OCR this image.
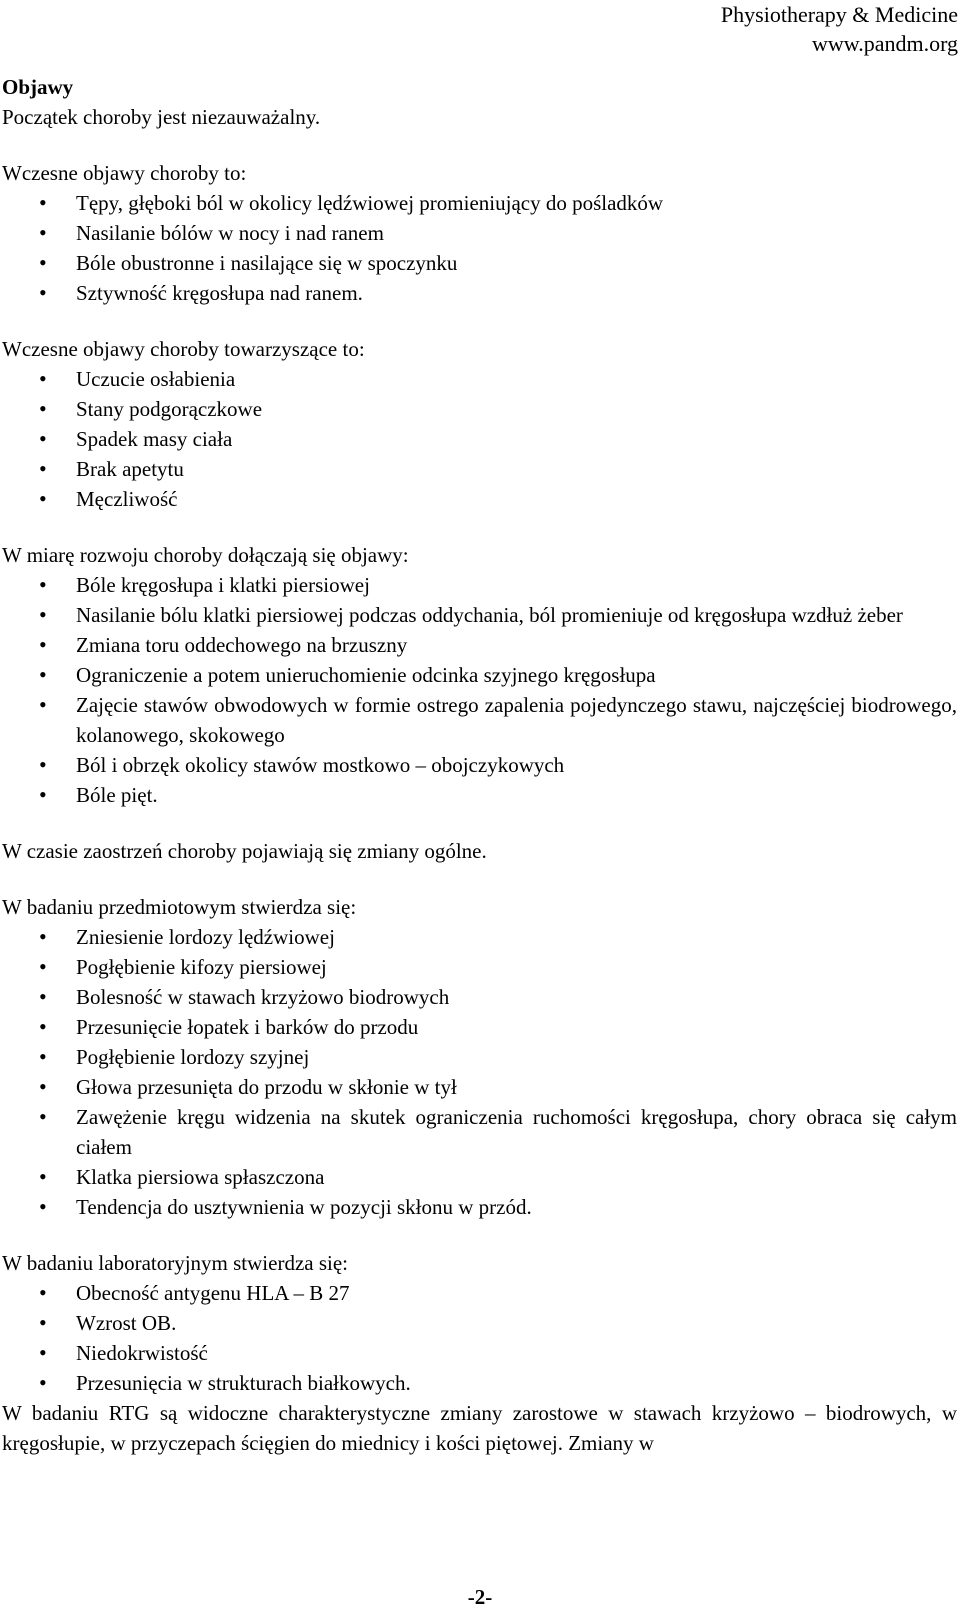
Physiotherapy & Medicine
www.pandm.org

Objawy

Początek choroby jest niezauważalny.

Wczesne objawy choroby to:

• Tępy, głęboki ból w okolicy lędźwiowej promieniujący do pośladków
• Nasilanie bólów w nocy i nad ranem
• Bóle obustronne i nasilające się w spoczynku
• Sztywność kręgosłupa nad ranem.

Wczesne objawy choroby towarzyszące to:

• Uczucie osłabienia
• Stany podgorączkowe
• Spadek masy ciała
• Brak apetytu
• Męczliwość

W miarę rozwoju choroby dołączają się objawy:

• Bóle kręgosłupa i klatki piersiowej
• Nasilanie bólu klatki piersiowej podczas oddychania, ból promieniuje od kręgosłupa wzdłuż żeber
• Zmiana toru oddechowego na brzuszny
• Ograniczenie a potem unieruchomienie odcinka szyjnego kręgosłupa
• Zajęcie stawów obwodowych w formie ostrego zapalenia pojedynczego stawu, najczęściej biodrowego, kolanowego, skokowego
• Ból i obrzęk okolicy stawów mostkowo – obojczykowych
• Bóle pięt.

W czasie zaostrzeń choroby pojawiają się zmiany ogólne.

W badaniu przedmiotowym stwierdza się:

• Zniesienie lordozy lędźwiowej
• Pogłębienie kifozy piersiowej
• Bolesność w stawach krzyżowo biodrowych
• Przesunięcie łopatek i barków do przodu
• Pogłębienie lordozy szyjnej
• Głowa przesunięta do przodu w skłonie w tył
• Zawężenie kręgu widzenia na skutek ograniczenia ruchomości kręgosłupa, chory obraca się całym ciałem
• Klatka piersiowa spłaszczona
• Tendencja do usztywnienia w pozycji skłonu w przód.

W badaniu laboratoryjnym stwierdza się:

• Obecność antygenu HLA – B 27
• Wzrost OB.
• Niedokrwistość
• Przesunięcia w strukturach białkowych.

W badaniu RTG są widoczne charakterystyczne zmiany zarostowe w stawach krzyżowo – biodrowych, w kręgosłupie, w przyczepach ścięgien do miednicy i kości piętowej. Zmiany w

-2-
